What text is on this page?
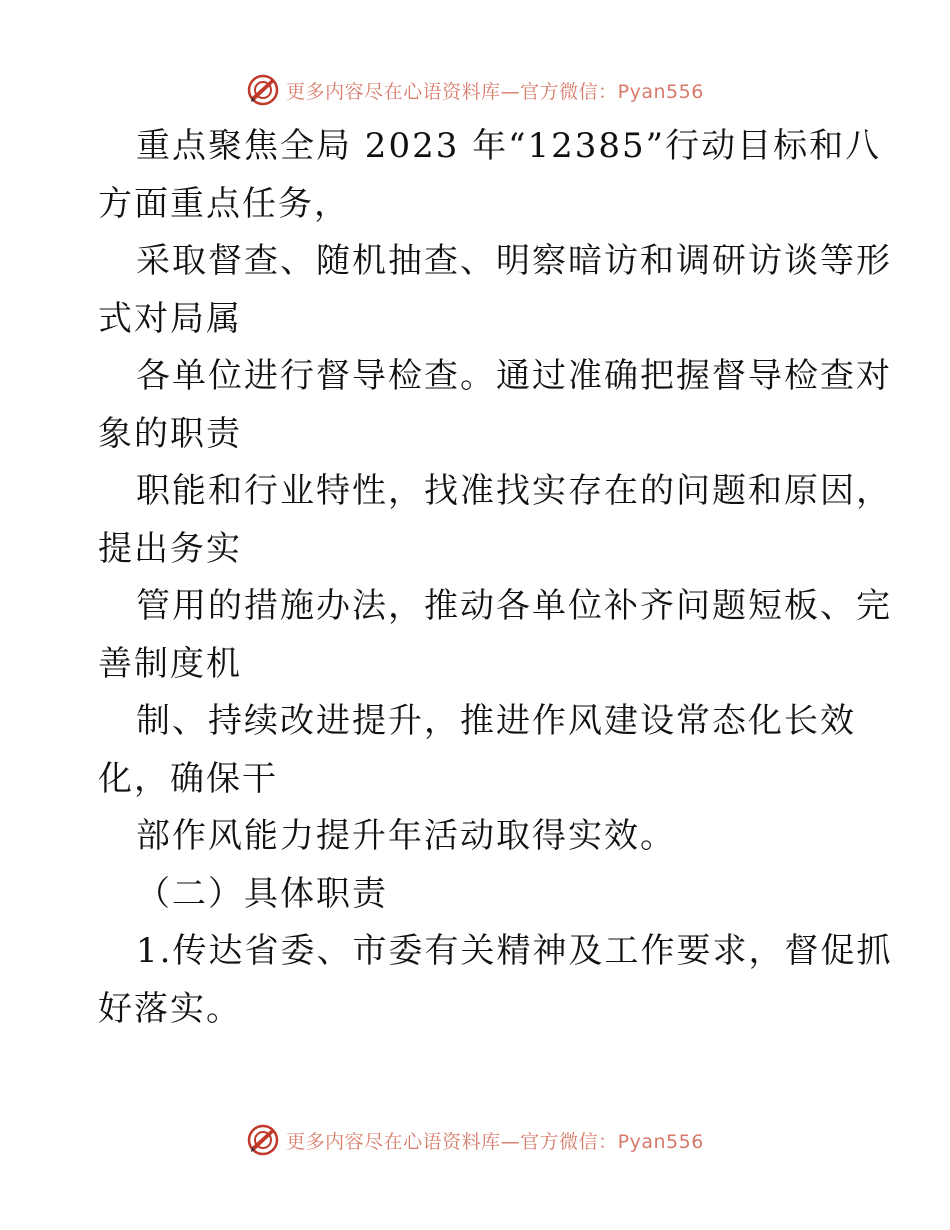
更多内容尽在心语资料库—官方微信：Pyan556
重点聚焦全局 2023 年“12385”行动目标和八
方面重点任务，
采取督查、随机抽查、明察暗访和调研访谈等形
式对局属
各单位进行督导检查。通过准确把握督导检查对
象的职责
职能和行业特性，找准找实存在的问题和原因，
提出务实
管用的措施办法，推动各单位补齐问题短板、完
善制度机
制、持续改进提升，推进作风建设常态化长效
化，确保干
部作风能力提升年活动取得实效。
（二）具体职责
1.传达省委、市委有关精神及工作要求，督促抓
好落实。
更多内容尽在心语资料库—官方微信：Pyan556
